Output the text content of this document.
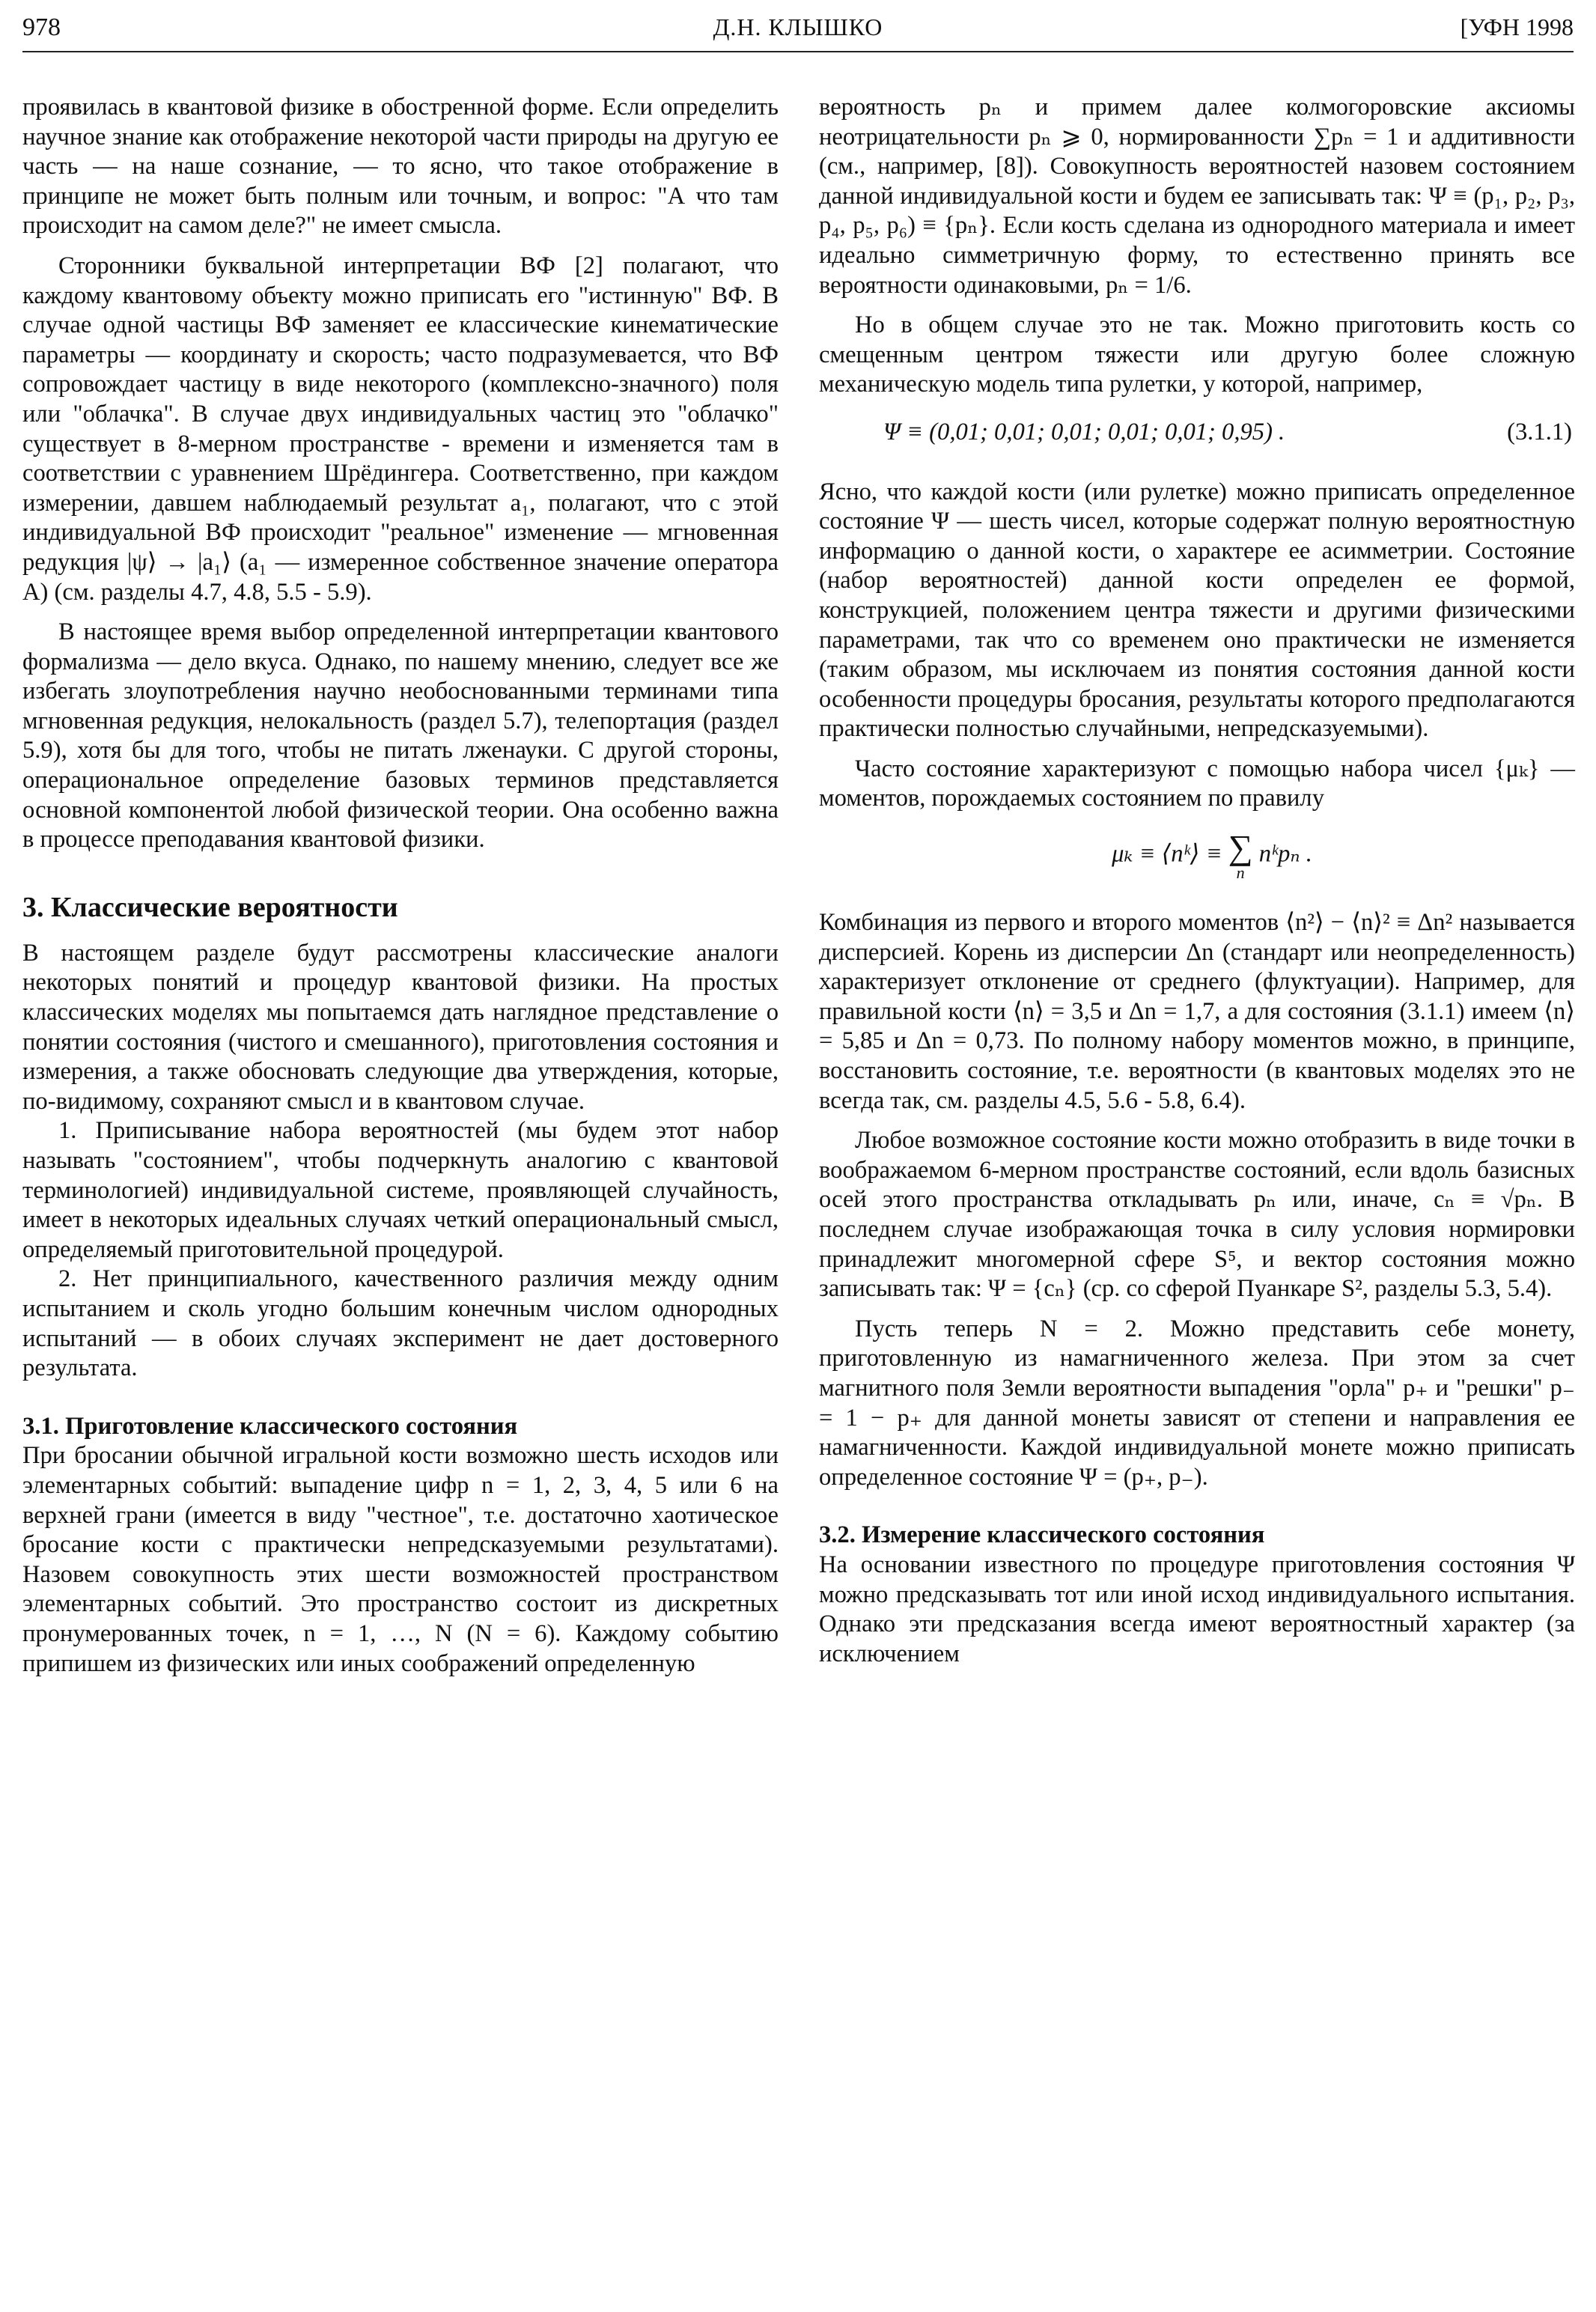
978	Д.Н. КЛЫШКО	[УФН 1998

проявилась в квантовой физике в обостренной форме. Если определить научное знание как отображение некоторой части природы на другую ее часть — на наше сознание, — то ясно, что такое отображение в принципе не может быть полным или точным, и вопрос: "А что там происходит на самом деле?" не имеет смысла.

Сторонники буквальной интерпретации ВФ [2] полагают, что каждому квантовому объекту можно приписать его "истинную" ВФ. В случае одной частицы ВФ заменяет ее классические кинематические параметры — координату и скорость; часто подразумевается, что ВФ сопровождает частицу в виде некоторого (комплексно-значного) поля или "облачка". В случае двух индивидуальных частиц это "облачко" существует в 8-мерном пространстве - времени и изменяется там в соответствии с уравнением Шрёдингера. Соответственно, при каждом измерении, давшем наблюдаемый результат a₁, полагают, что с этой индивидуальной ВФ происходит "реальное" изменение — мгновенная редукция |ψ⟩ → |a₁⟩ (a₁ — измеренное собственное значение оператора A) (см. разделы 4.7, 4.8, 5.5 - 5.9).

В настоящее время выбор определенной интерпретации квантового формализма — дело вкуса. Однако, по нашему мнению, следует все же избегать злоупотребления научно необоснованными терминами типа мгновенная редукция, нелокальность (раздел 5.7), телепортация (раздел 5.9), хотя бы для того, чтобы не питать лженауки. С другой стороны, операциональное определение базовых терминов представляется основной компонентой любой физической теории. Она особенно важна в процессе преподавания квантовой физики.

3. Классические вероятности

В настоящем разделе будут рассмотрены классические аналоги некоторых понятий и процедур квантовой физики. На простых классических моделях мы попытаемся дать наглядное представление о понятии состояния (чистого и смешанного), приготовления состояния и измерения, а также обосновать следующие два утверждения, которые, по-видимому, сохраняют смысл и в квантовом случае.

1. Приписывание набора вероятностей (мы будем этот набор называть "состоянием", чтобы подчеркнуть аналогию с квантовой терминологией) индивидуальной системе, проявляющей случайность, имеет в некоторых идеальных случаях четкий операциональный смысл, определяемый приготовительной процедурой.

2. Нет принципиального, качественного различия между одним испытанием и сколь угодно большим конечным числом однородных испытаний — в обоих случаях эксперимент не дает достоверного результата.

3.1. Приготовление классического состояния

При бросании обычной игральной кости возможно шесть исходов или элементарных событий: выпадение цифр n = 1, 2, 3, 4, 5 или 6 на верхней грани (имеется в виду "честное", т.е. достаточно хаотическое бросание кости с практически непредсказуемыми результатами). Назовем совокупность этих шести возможностей пространством элементарных событий. Это пространство состоит из дискретных пронумерованных точек, n = 1, …, N (N = 6). Каждому событию припишем из физических или иных соображений определенную

вероятность pₙ и примем далее колмогоровские аксиомы неотрицательности pₙ ⩾ 0, нормированности ∑pₙ = 1 и аддитивности (см., например, [8]). Совокупность вероятностей назовем состоянием данной индивидуальной кости и будем ее записывать так: Ψ ≡ (p₁, p₂, p₃, p₄, p₅, p₆) ≡ {pₙ}. Если кость сделана из однородного материала и имеет идеально симметричную форму, то естественно принять все вероятности одинаковыми, pₙ = 1/6.

Но в общем случае это не так. Можно приготовить кость со смещенным центром тяжести или другую более сложную механическую модель типа рулетки, у которой, например,

Ψ ≡ (0,01; 0,01; 0,01; 0,01; 0,01; 0,95) .	(3.1.1)

Ясно, что каждой кости (или рулетке) можно приписать определенное состояние Ψ — шесть чисел, которые содержат полную вероятностную информацию о данной кости, о характере ее асимметрии. Состояние (набор вероятностей) данной кости определен ее формой, конструкцией, положением центра тяжести и другими физическими параметрами, так что со временем оно практически не изменяется (таким образом, мы исключаем из понятия состояния данной кости особенности процедуры бросания, результаты которого предполагаются практически полностью случайными, непредсказуемыми).

Часто состояние характеризуют с помощью набора чисел {μₖ} — моментов, порождаемых состоянием по правилу

μₖ ≡ ⟨nᵏ⟩ ≡ ∑
n
nᵏpₙ .

Комбинация из первого и второго моментов ⟨n²⟩ − ⟨n⟩² ≡ Δn² называется дисперсией. Корень из дисперсии Δn (стандарт или неопределенность) характеризует отклонение от среднего (флуктуации). Например, для правильной кости ⟨n⟩ = 3,5 и Δn = 1,7, а для состояния (3.1.1) имеем ⟨n⟩ = 5,85 и Δn = 0,73. По полному набору моментов можно, в принципе, восстановить состояние, т.е. вероятности (в квантовых моделях это не всегда так, см. разделы 4.5, 5.6 - 5.8, 6.4).

Любое возможное состояние кости можно отобразить в виде точки в воображаемом 6-мерном пространстве состояний, если вдоль базисных осей этого пространства откладывать pₙ или, иначе, cₙ ≡ √pₙ. В последнем случае изображающая точка в силу условия нормировки принадлежит многомерной сфере S⁵, и вектор состояния можно записывать так: Ψ = {cₙ} (ср. со сферой Пуанкаре S², разделы 5.3, 5.4).

Пусть теперь N = 2. Можно представить себе монету, приготовленную из намагниченного железа. При этом за счет магнитного поля Земли вероятности выпадения "орла" p₊ и "решки" p₋ = 1 − p₊ для данной монеты зависят от степени и направления ее намагниченности. Каждой индивидуальной монете можно приписать определенное состояние Ψ = (p₊, p₋).

3.2. Измерение классического состояния

На основании известного по процедуре приготовления состояния Ψ можно предсказывать тот или иной исход индивидуального испытания. Однако эти предсказания всегда имеют вероятностный характер (за исключением
